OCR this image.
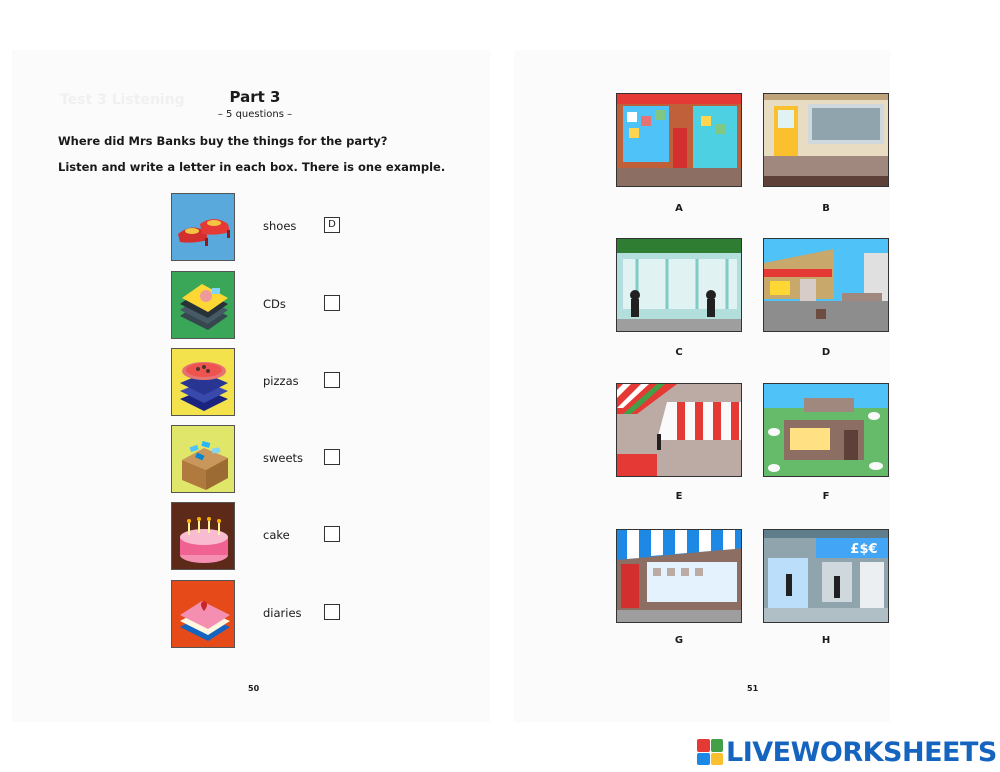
Test 3 Listening	Part 3
– 5 questions –
Where did Mrs Banks buy the things for the party?
Listen and write a letter in each box. There is one example.
shoes	D
CDs
pizzas
sweets
cake
diaries
50	51
A	B
C	D
E	F
G
£$€
H
LIVEWORKSHEETS
